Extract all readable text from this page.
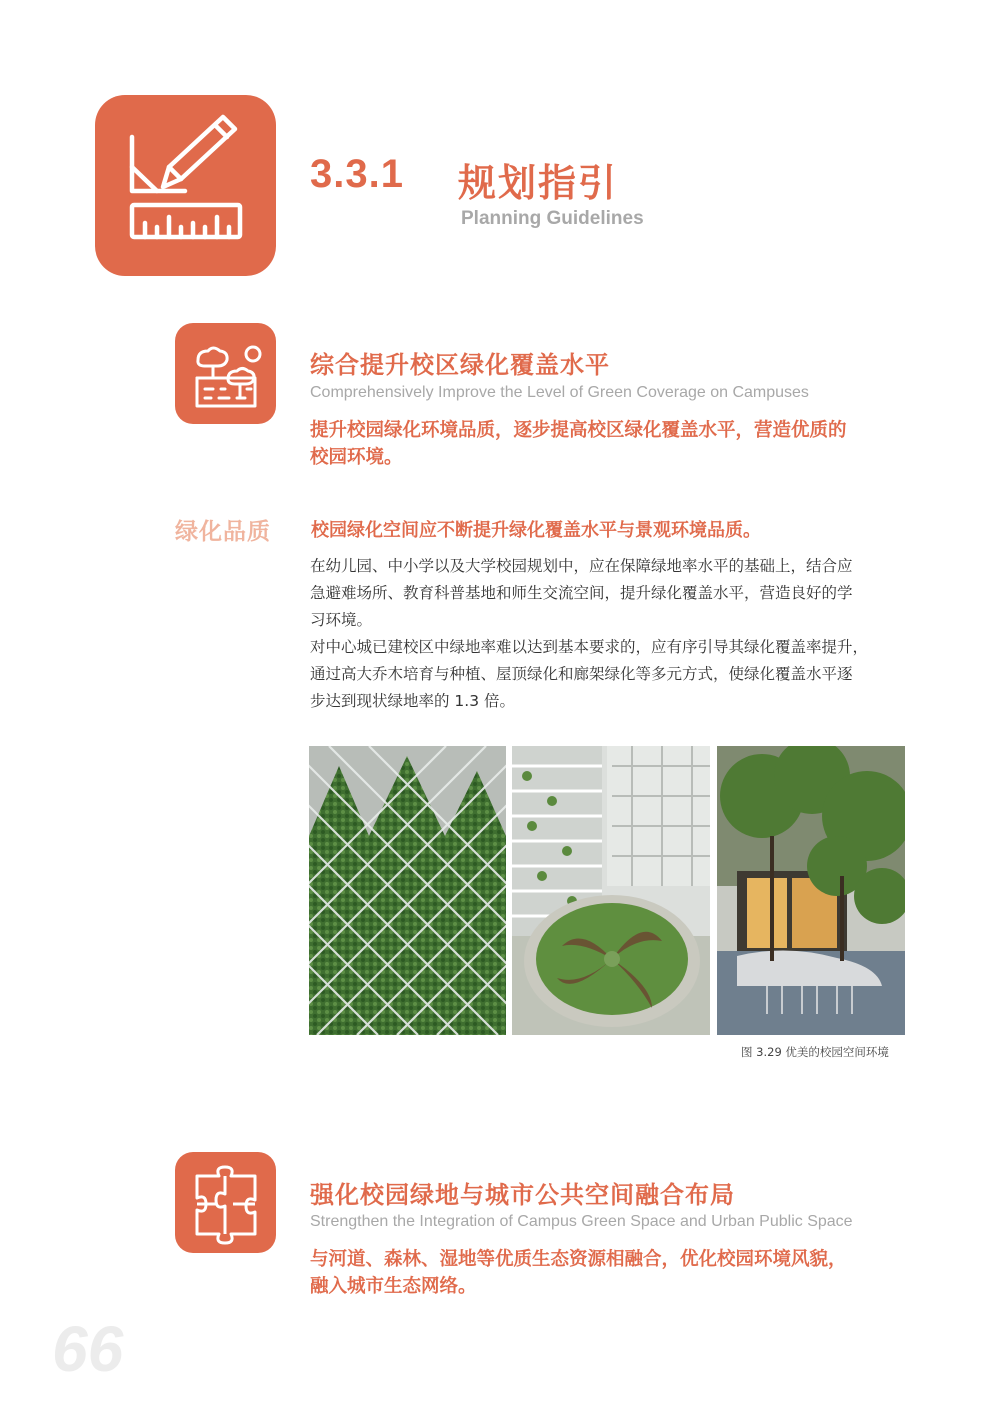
3.3.1 规划指引
Planning Guidelines
综合提升校区绿化覆盖水平
Comprehensively Improve the Level of Green Coverage on Campuses
提升校园绿化环境品质，逐步提高校区绿化覆盖水平，营造优质的
校园环境。
绿化品质 校园绿化空间应不断提升绿化覆盖水平与景观环境品质。

在幼儿园、中小学以及大学校园规划中，应在保障绿地率水平的基础上，结合应

急避难场所、教育科普基地和师生交流空间，提升绿化覆盖水平，营造良好的学

习环境。

对中心城已建校区中绿地率难以达到基本要求的，应有序引导其绿化覆盖率提升，

通过高大乔木培育与种植、屋顶绿化和廊架绿化等多元方式，使绿化覆盖水平逐

步达到现状绿地率的 1.3 倍。

图 3.29 优美的校园空间环境
强化校园绿地与城市公共空间融合布局
Strengthen the Integration of Campus Green Space and Urban Public Space
与河道、森林、湿地等优质生态资源相融合，优化校园环境风貌，
融入城市生态网络。
66
